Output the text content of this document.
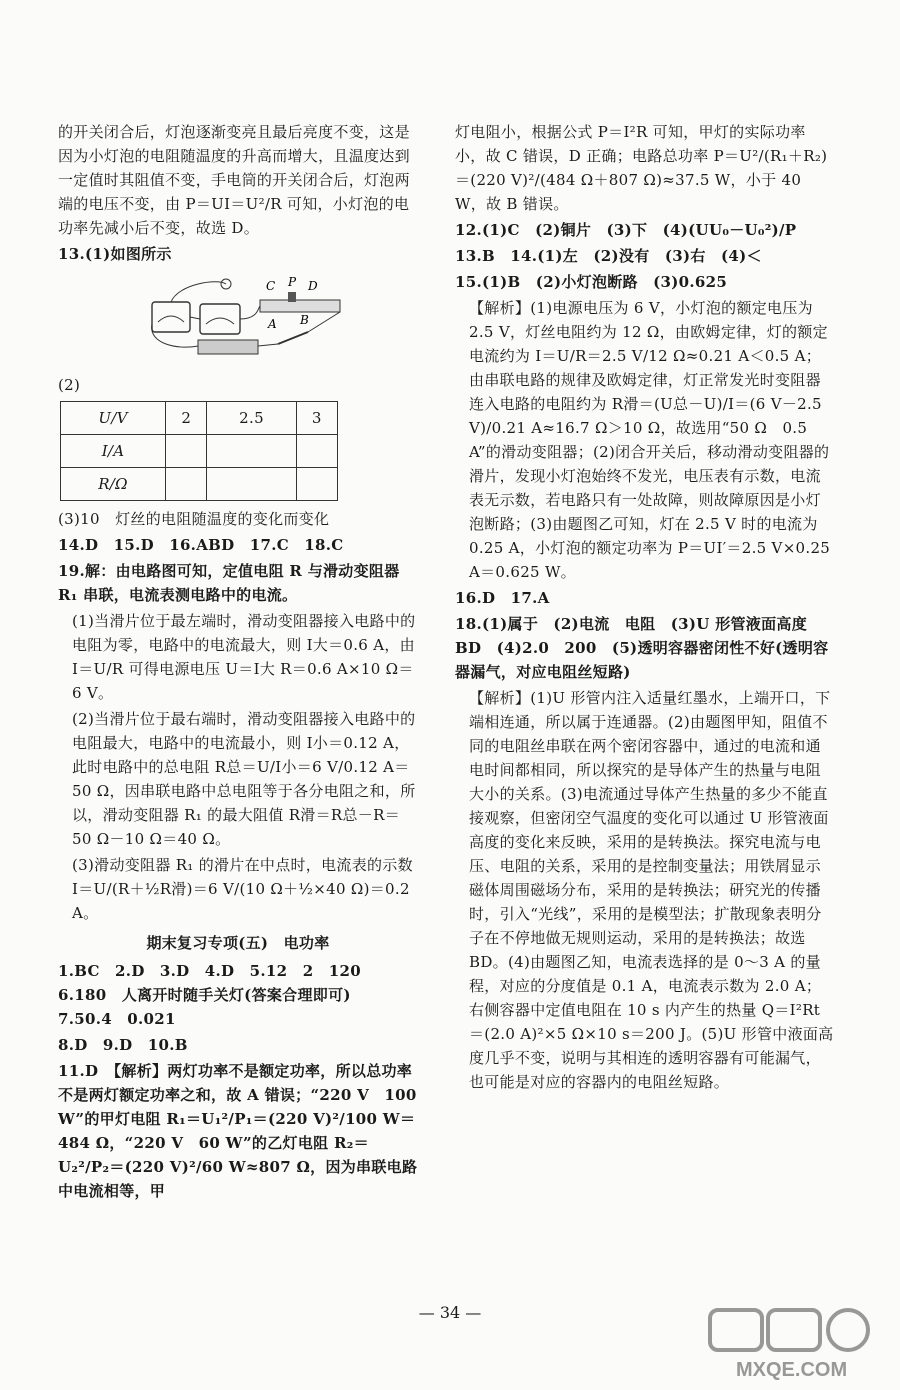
的开关闭合后，灯泡逐渐变亮且最后亮度不变，这是因为小灯泡的电阻随温度的升高而增大，且温度达到一定值时其阻值不变，手电筒的开关闭合后，灯泡两端的电压不变，由 P＝UI＝U²/R 可知，小灯泡的电功率先减小后不变，故选 D。

13.(1)如图所示

C P D
A B

(2)

U/V	2	2.5	3
I/A			
R/Ω			

(3)10　灯丝的电阻随温度的变化而变化

14.D　15.D　16.ABD　17.C　18.C

19.解：由电路图可知，定值电阻 R 与滑动变阻器 R₁ 串联，电流表测电路中的电流。

(1)当滑片位于最左端时，滑动变阻器接入电路中的电阻为零，电路中的电流最大，则 I大＝0.6 A，由 I＝U/R 可得电源电压 U＝I大 R＝0.6 A×10 Ω＝6 V。

(2)当滑片位于最右端时，滑动变阻器接入电路中的电阻最大，电路中的电流最小，则 I小＝0.12 A，此时电路中的总电阻 R总＝U/I小＝6 V/0.12 A＝50 Ω，因串联电路中总电阻等于各分电阻之和，所以，滑动变阻器 R₁ 的最大阻值 R滑＝R总－R＝50 Ω－10 Ω＝40 Ω。

(3)滑动变阻器 R₁ 的滑片在中点时，电流表的示数 I＝U/(R＋½R滑)＝6 V/(10 Ω＋½×40 Ω)＝0.2 A。

期末复习专项(五)　电功率

1.BC　2.D　3.D　4.D　5.12　2　120　6.180　人离开时随手关灯(答案合理即可)　7.50.4　0.021

8.D　9.D　10.B

11.D　【解析】两灯功率不是额定功率，所以总功率不是两灯额定功率之和，故 A 错误；“220 V　100 W”的甲灯电阻 R₁＝U₁²/P₁＝(220 V)²/100 W＝484 Ω，“220 V　60 W”的乙灯电阻 R₂＝U₂²/P₂＝(220 V)²/60 W≈807 Ω，因为串联电路中电流相等，甲

灯电阻小，根据公式 P＝I²R 可知，甲灯的实际功率小，故 C 错误，D 正确；电路总功率 P＝U²/(R₁＋R₂)＝(220 V)²/(484 Ω＋807 Ω)≈37.5 W，小于 40 W，故 B 错误。

12.(1)C　(2)铜片　(3)下　(4)(UU₀－U₀²)/P

13.B　14.(1)左　(2)没有　(3)右　(4)＜

15.(1)B　(2)小灯泡断路　(3)0.625

【解析】(1)电源电压为 6 V，小灯泡的额定电压为 2.5 V，灯丝电阻约为 12 Ω，由欧姆定律，灯的额定电流约为 I＝U/R＝2.5 V/12 Ω≈0.21 A＜0.5 A；由串联电路的规律及欧姆定律，灯正常发光时变阻器连入电路的电阻约为 R滑＝(U总－U)/I＝(6 V－2.5 V)/0.21 A≈16.7 Ω＞10 Ω，故选用“50 Ω　0.5 A”的滑动变阻器；(2)闭合开关后，移动滑动变阻器的滑片，发现小灯泡始终不发光，电压表有示数，电流表无示数，若电路只有一处故障，则故障原因是小灯泡断路；(3)由题图乙可知，灯在 2.5 V 时的电流为 0.25 A，小灯泡的额定功率为 P＝UI′＝2.5 V×0.25 A＝0.625 W。

16.D　17.A

18.(1)属于　(2)电流　电阻　(3)U 形管液面高度　BD　(4)2.0　200　(5)透明容器密闭性不好(透明容器漏气，对应电阻丝短路)

【解析】(1)U 形管内注入适量红墨水，上端开口，下端相连通，所以属于连通器。(2)由题图甲知，阻值不同的电阻丝串联在两个密闭容器中，通过的电流和通电时间都相同，所以探究的是导体产生的热量与电阻大小的关系。(3)电流通过导体产生热量的多少不能直接观察，但密闭空气温度的变化可以通过 U 形管液面高度的变化来反映，采用的是转换法。探究电流与电压、电阻的关系，采用的是控制变量法；用铁屑显示磁体周围磁场分布，采用的是转换法；研究光的传播时，引入“光线”，采用的是模型法；扩散现象表明分子在不停地做无规则运动，采用的是转换法；故选 BD。(4)由题图乙知，电流表选择的是 0～3 A 的量程，对应的分度值是 0.1 A，电流表示数为 2.0 A；右侧容器中定值电阻在 10 s 内产生的热量 Q＝I²Rt＝(2.0 A)²×5 Ω×10 s＝200 J。(5)U 形管中液面高度几乎不变，说明与其相连的透明容器有可能漏气，也可能是对应的容器内的电阻丝短路。

— 34 —
MXQE.COM
